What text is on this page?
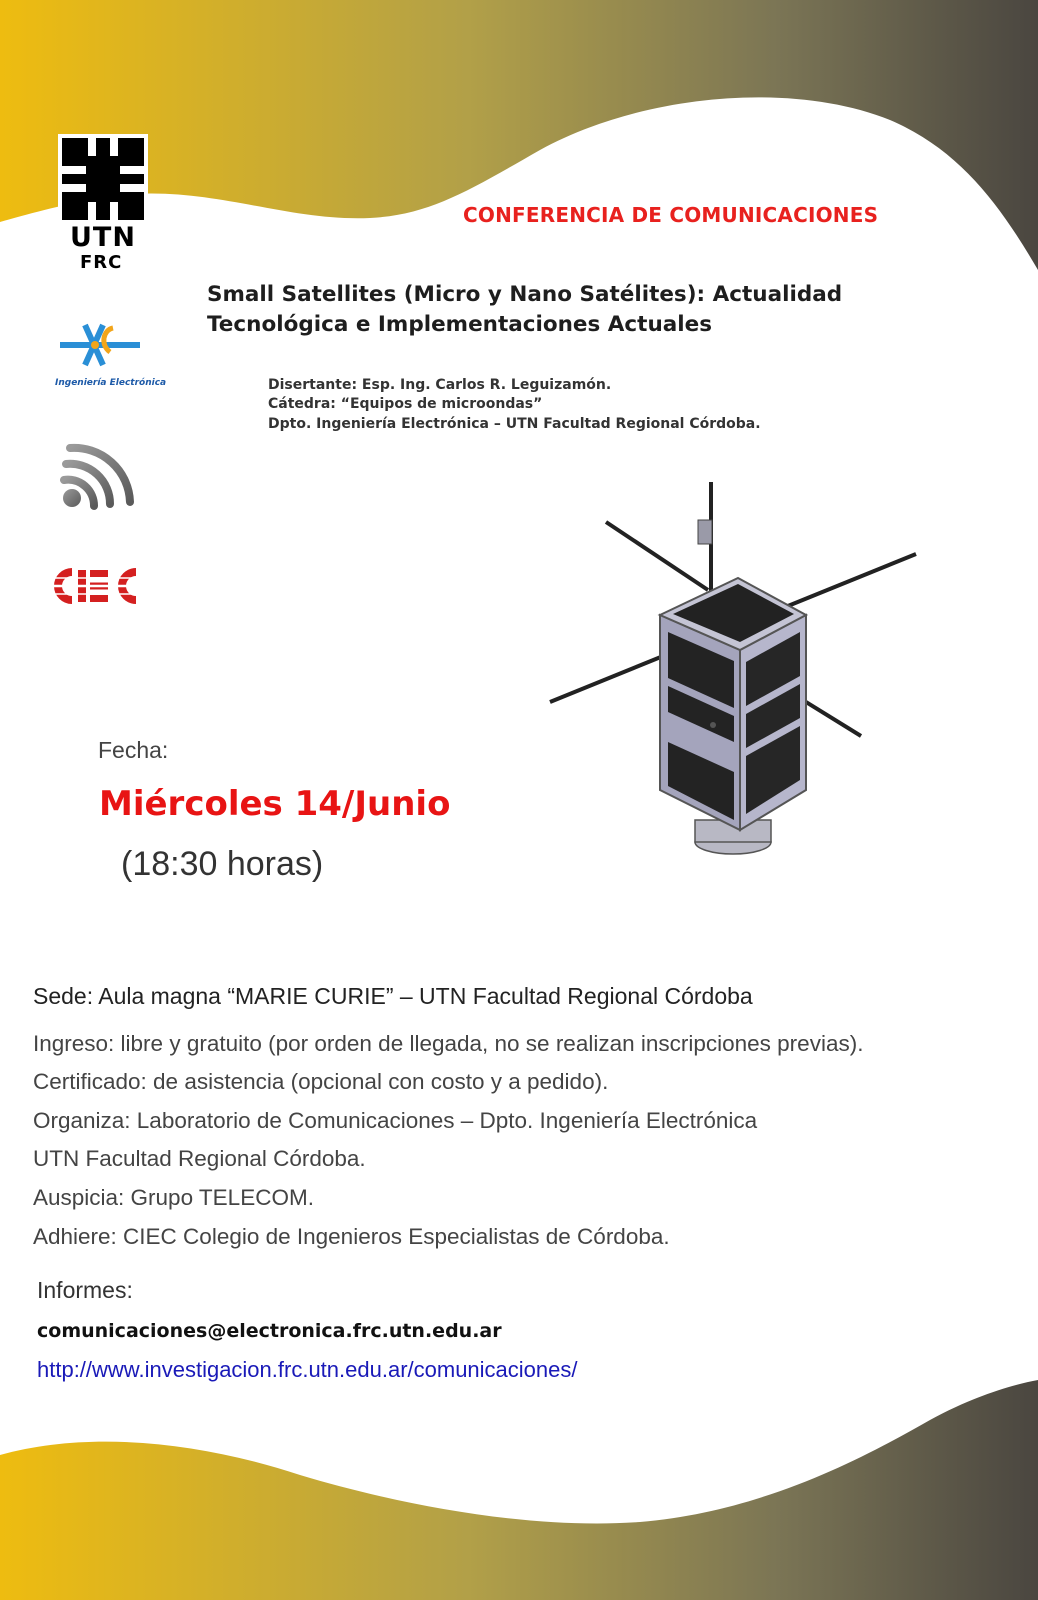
UTN
FRC
Ingeniería Electrónica

CONFERENCIA DE COMUNICACIONES

Small Satellites (Micro y Nano Satélites): Actualidad

Tecnológica e Implementaciones Actuales

Disertante: Esp. Ing. Carlos R. Leguizamón.

Cátedra: “Equipos de microondas”

Dpto. Ingeniería Electrónica – UTN Facultad Regional Córdoba.

Fecha:

Miércoles 14/Junio

(18:30 horas)

Sede: Aula magna “MARIE CURIE” – UTN Facultad Regional Córdoba

Ingreso: libre y gratuito (por orden de llegada, no se realizan inscripciones previas).

Certificado: de asistencia (opcional con costo y a pedido).

Organiza: Laboratorio de Comunicaciones – Dpto. Ingeniería Electrónica

UTN Facultad Regional Córdoba.

Auspicia: Grupo TELECOM.

Adhiere: CIEC Colegio de Ingenieros Especialistas de Córdoba.

Informes:

comunicaciones@electronica.frc.utn.edu.ar

http://www.investigacion.frc.utn.edu.ar/comunicaciones/
